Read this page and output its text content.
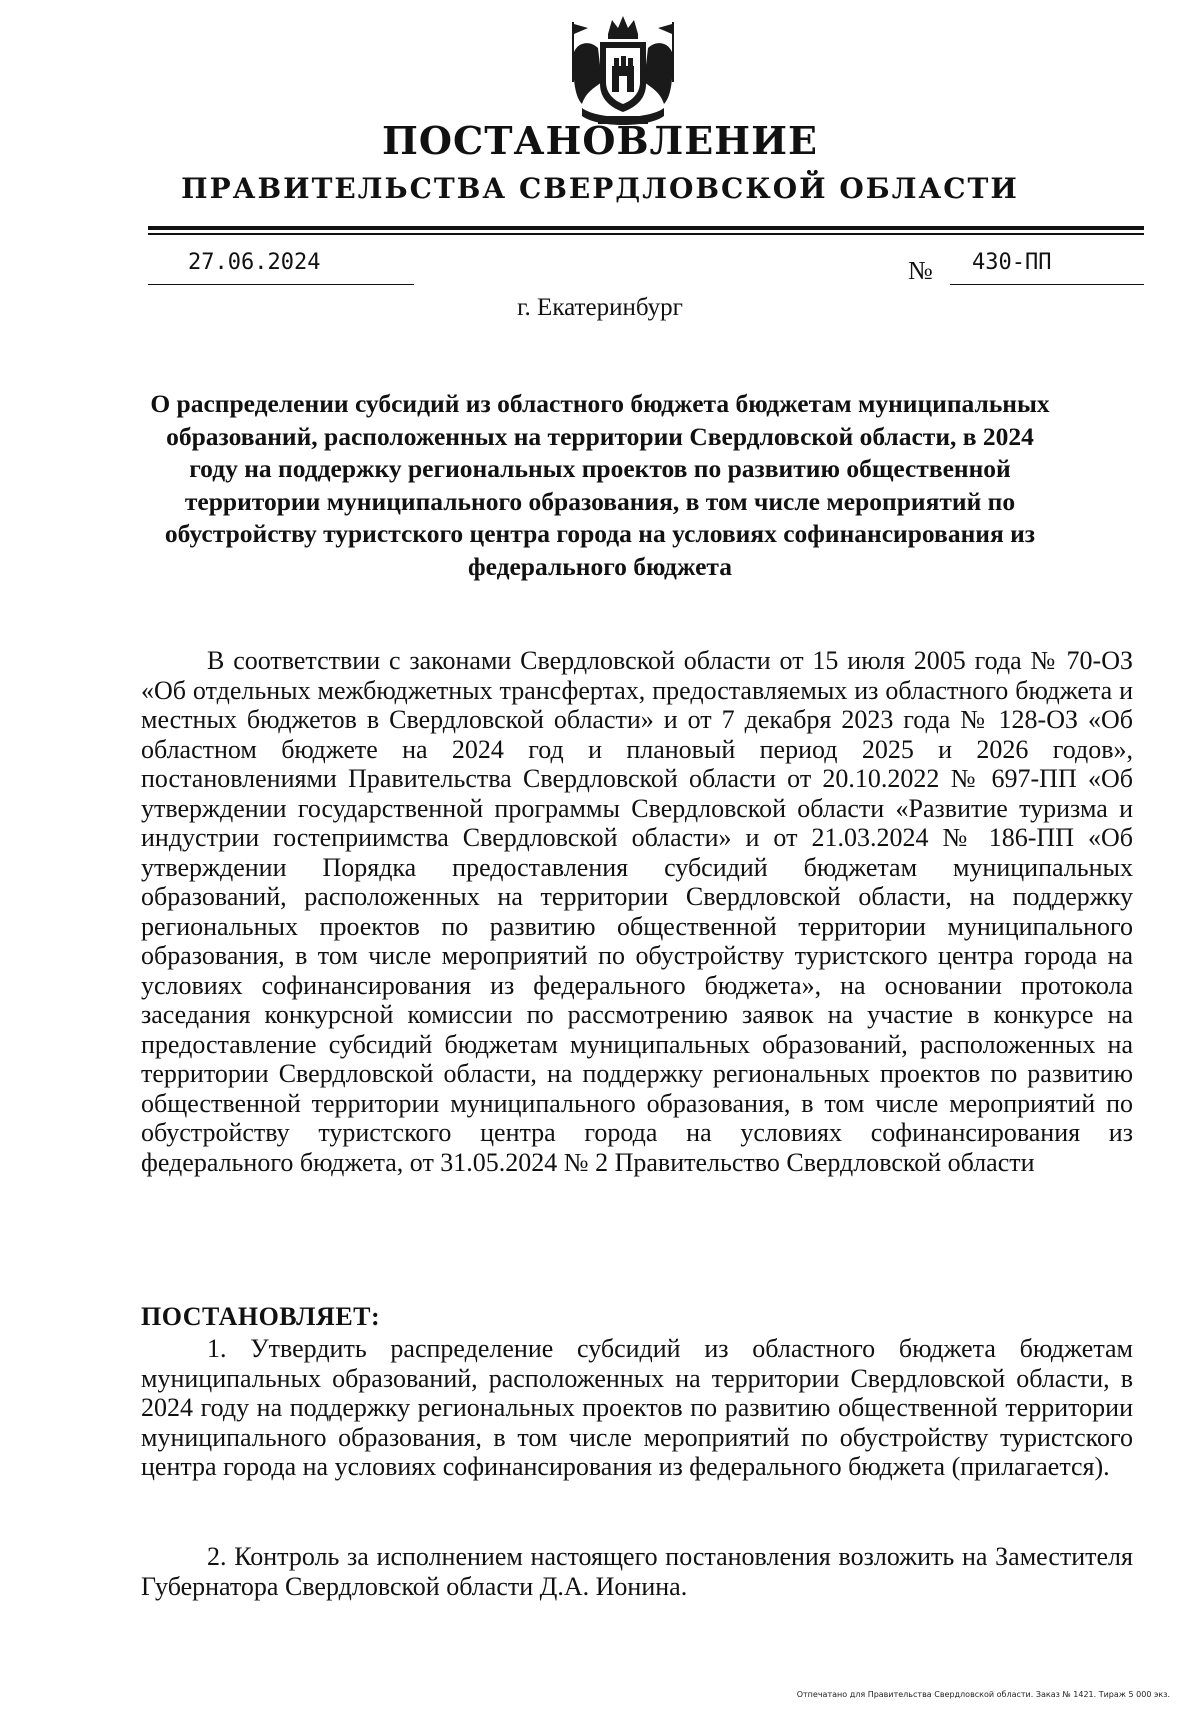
ПОСТАНОВЛЕНИЕ
ПРАВИТЕЛЬСТВА СВЕРДЛОВСКОЙ ОБЛАСТИ
27.06.2024	№ 430-ПП
г. Екатеринбург
О распределении субсидий из областного бюджета бюджетам муниципальных образований, расположенных на территории Свердловской области, в 2024 году на поддержку региональных проектов по развитию общественной территории муниципального образования, в том числе мероприятий по обустройству туристского центра города на условиях софинансирования из федерального бюджета

В соответствии с законами Свердловской области от 15 июля 2005 года № 70-ОЗ «Об отдельных межбюджетных трансфертах, предоставляемых из областного бюджета и местных бюджетов в Свердловской области» и от 7 декабря 2023 года № 128-ОЗ «Об областном бюджете на 2024 год и плановый период 2025 и 2026 годов», постановлениями Правительства Свердловской области от 20.10.2022 № 697-ПП «Об утверждении государственной программы Свердловской области «Развитие туризма и индустрии гостеприимства Свердловской области» и от 21.03.2024 № 186-ПП «Об утверждении Порядка предоставления субсидий бюджетам муниципальных образований, расположенных на территории Свердловской области, на поддержку региональных проектов по развитию общественной территории муниципального образования, в том числе мероприятий по обустройству туристского центра города на условиях софинансирования из федерального бюджета», на основании протокола заседания конкурсной комиссии по рассмотрению заявок на участие в конкурсе на предоставление субсидий бюджетам муниципальных образований, расположенных на территории Свердловской области, на поддержку региональных проектов по развитию общественной территории муниципального образования, в том числе мероприятий по обустройству туристского центра города на условиях софинансирования из федерального бюджета, от 31.05.2024 № 2 Правительство Свердловской области

ПОСТАНОВЛЯЕТ:

1. Утвердить распределение субсидий из областного бюджета бюджетам муниципальных образований, расположенных на территории Свердловской области, в 2024 году на поддержку региональных проектов по развитию общественной территории муниципального образования, в том числе мероприятий по обустройству туристского центра города на условиях софинансирования из федерального бюджета (прилагается).

2. Контроль за исполнением настоящего постановления возложить на Заместителя Губернатора Свердловской области Д.А. Ионина.

Отпечатано для Правительства Свердловской области. Заказ № 1421. Тираж 5 000 экз.
